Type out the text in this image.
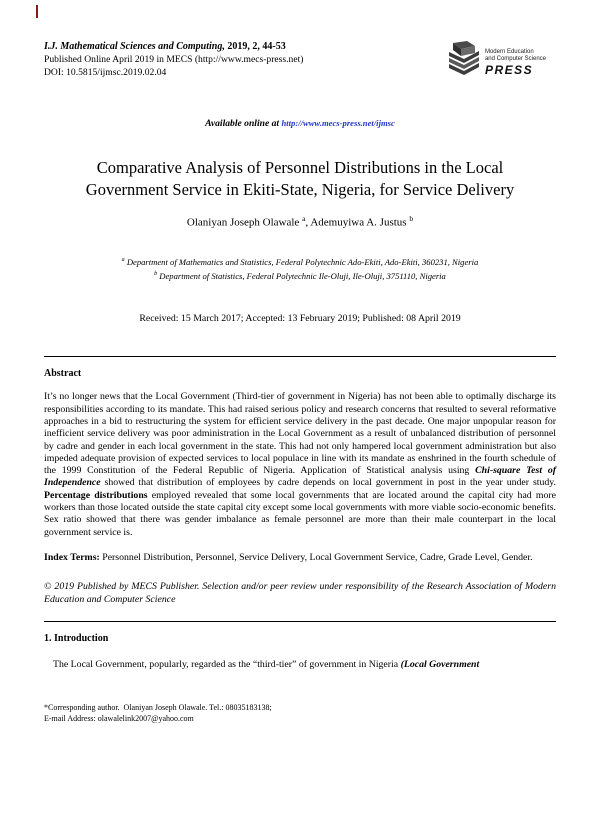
I.J. Mathematical Sciences and Computing, 2019, 2, 44-53
Published Online April 2019 in MECS (http://www.mecs-press.net)
DOI: 10.5815/ijmsc.2019.02.04
Modern Education
and Computer Science
PRESS
Available online at http://www.mecs-press.net/ijmsc
Comparative Analysis of Personnel Distributions in the Local Government Service in Ekiti-State, Nigeria, for Service Delivery
Olaniyan Joseph Olawale $^a$, Ademuyiwa A. Justus $^b$
$^a$ Department of Mathematics and Statistics, Federal Polytechnic Ado-Ekiti, Ado-Ekiti, 360231, Nigeria
$^b$ Department of Statistics, Federal Polytechnic Ile-Oluji, Ile-Oluji, 3751110, Nigeria
Received: 15 March 2017; Accepted: 13 February 2019; Published: 08 April 2019
Abstract

It’s no longer news that the Local Government (Third-tier of government in Nigeria) has not been able to optimally discharge its responsibilities according to its mandate. This had raised serious policy and research concerns that resulted to several reformative approaches in a bid to restructuring the system for efficient service delivery in the past decade. One major unpopular reason for inefficient service delivery was poor administration in the Local Government as a result of unbalanced distribution of personnel by cadre and gender in each local government in the state. This had not only hampered local government administration but also impeded adequate provision of expected services to local populace in line with its mandate as enshrined in the fourth schedule of the 1999 Constitution of the Federal Republic of Nigeria. Application of Statistical analysis using Chi-square Test of Independence showed that distribution of employees by cadre depends on local government in post in the year under study. Percentage distributions employed revealed that some local governments that are located around the capital city had more workers than those located outside the state capital city except some local governments with more viable socio-economic benefits. Sex ratio showed that there was gender imbalance as female personnel are more than their male counterpart in the local government service is.

Index Terms: Personnel Distribution, Personnel, Service Delivery, Local Government Service, Cadre, Grade Level, Gender.

© 2019 Published by MECS Publisher. Selection and/or peer review under responsibility of the Research Association of Modern Education and Computer Science

1. Introduction

The Local Government, popularly, regarded as the “third-tier” of government in Nigeria (Local Government

*Corresponding author.  Olaniyan Joseph Olawale. Tel.: 08035183138;
E-mail Address: olawalelink2007@yahoo.com
